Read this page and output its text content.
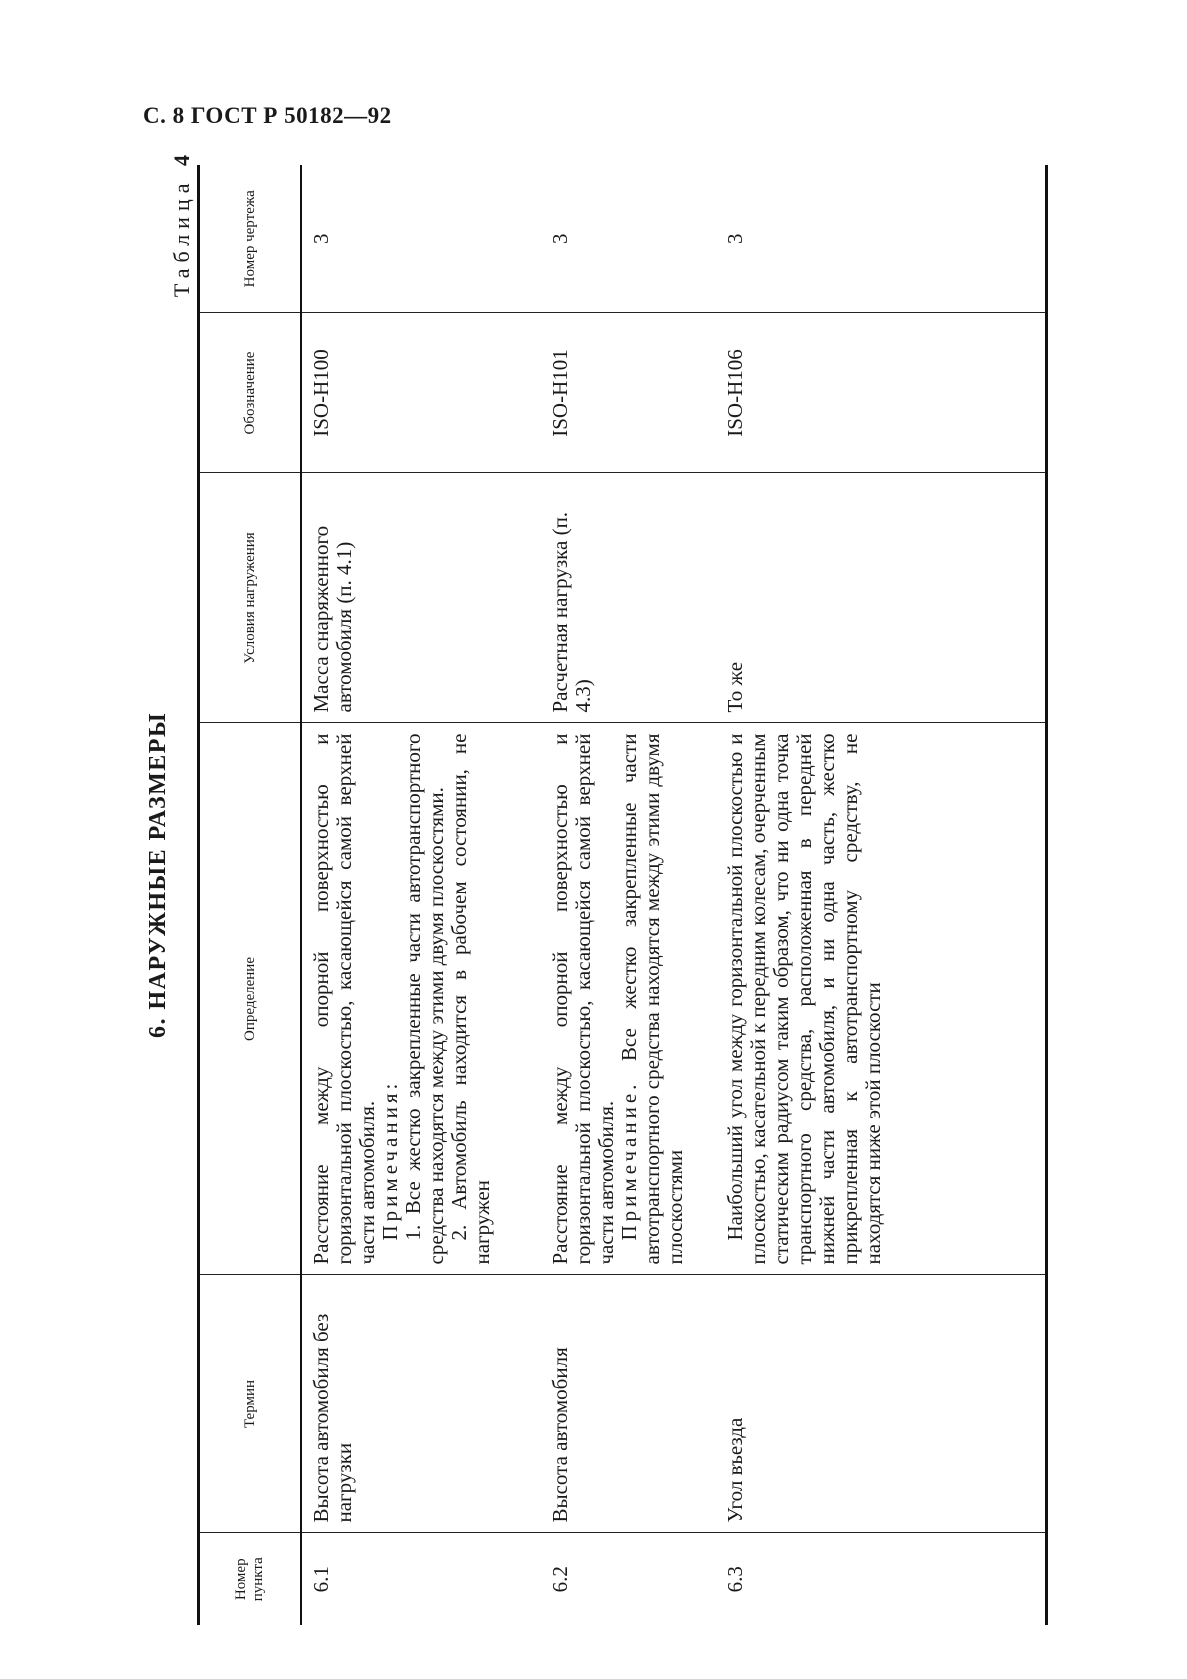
С. 8 ГОСТ Р 50182—92
6. НАРУЖНЫЕ РАЗМЕРЫ
Таблица 4
Номер пункта	Термин	Определение	Условия нагружения	Обозначение	Номер чертежа
6.1	Высота автомобиля без нагрузки	Расстояние между опорной поверхностью и горизонтальной плоскостью, касающейся самой верхней части автомобиля. Примечания: 1. Все жестко закрепленные части автотранспортного средства находятся между этими двумя плоскостями. 2. Автомобиль находится в рабочем состоянии, не нагружен	Масса снаряженного автомобиля (п. 4.1)	ISO-H100	3
6.2	Высота автомобиля	Расстояние между опорной поверхностью и горизонтальной плоскостью, касающейся самой верхней части автомобиля. Примечание. Все жестко закрепленные части автотранспортного средства находятся между этими двумя плоскостями	Расчетная нагрузка (п. 4.3)	ISO-H101	3
6.3	Угол въезда	Наибольший угол между горизонтальной плоскостью и плоскостью, касательной к передним колесам, очерченным статическим радиусом таким образом, что ни одна точка транспортного средства, расположенная в передней нижней части автомобиля, и ни одна часть, жестко прикрепленная к автотранспортному средству, не находятся ниже этой плоскости	То же	ISO-H106	3
